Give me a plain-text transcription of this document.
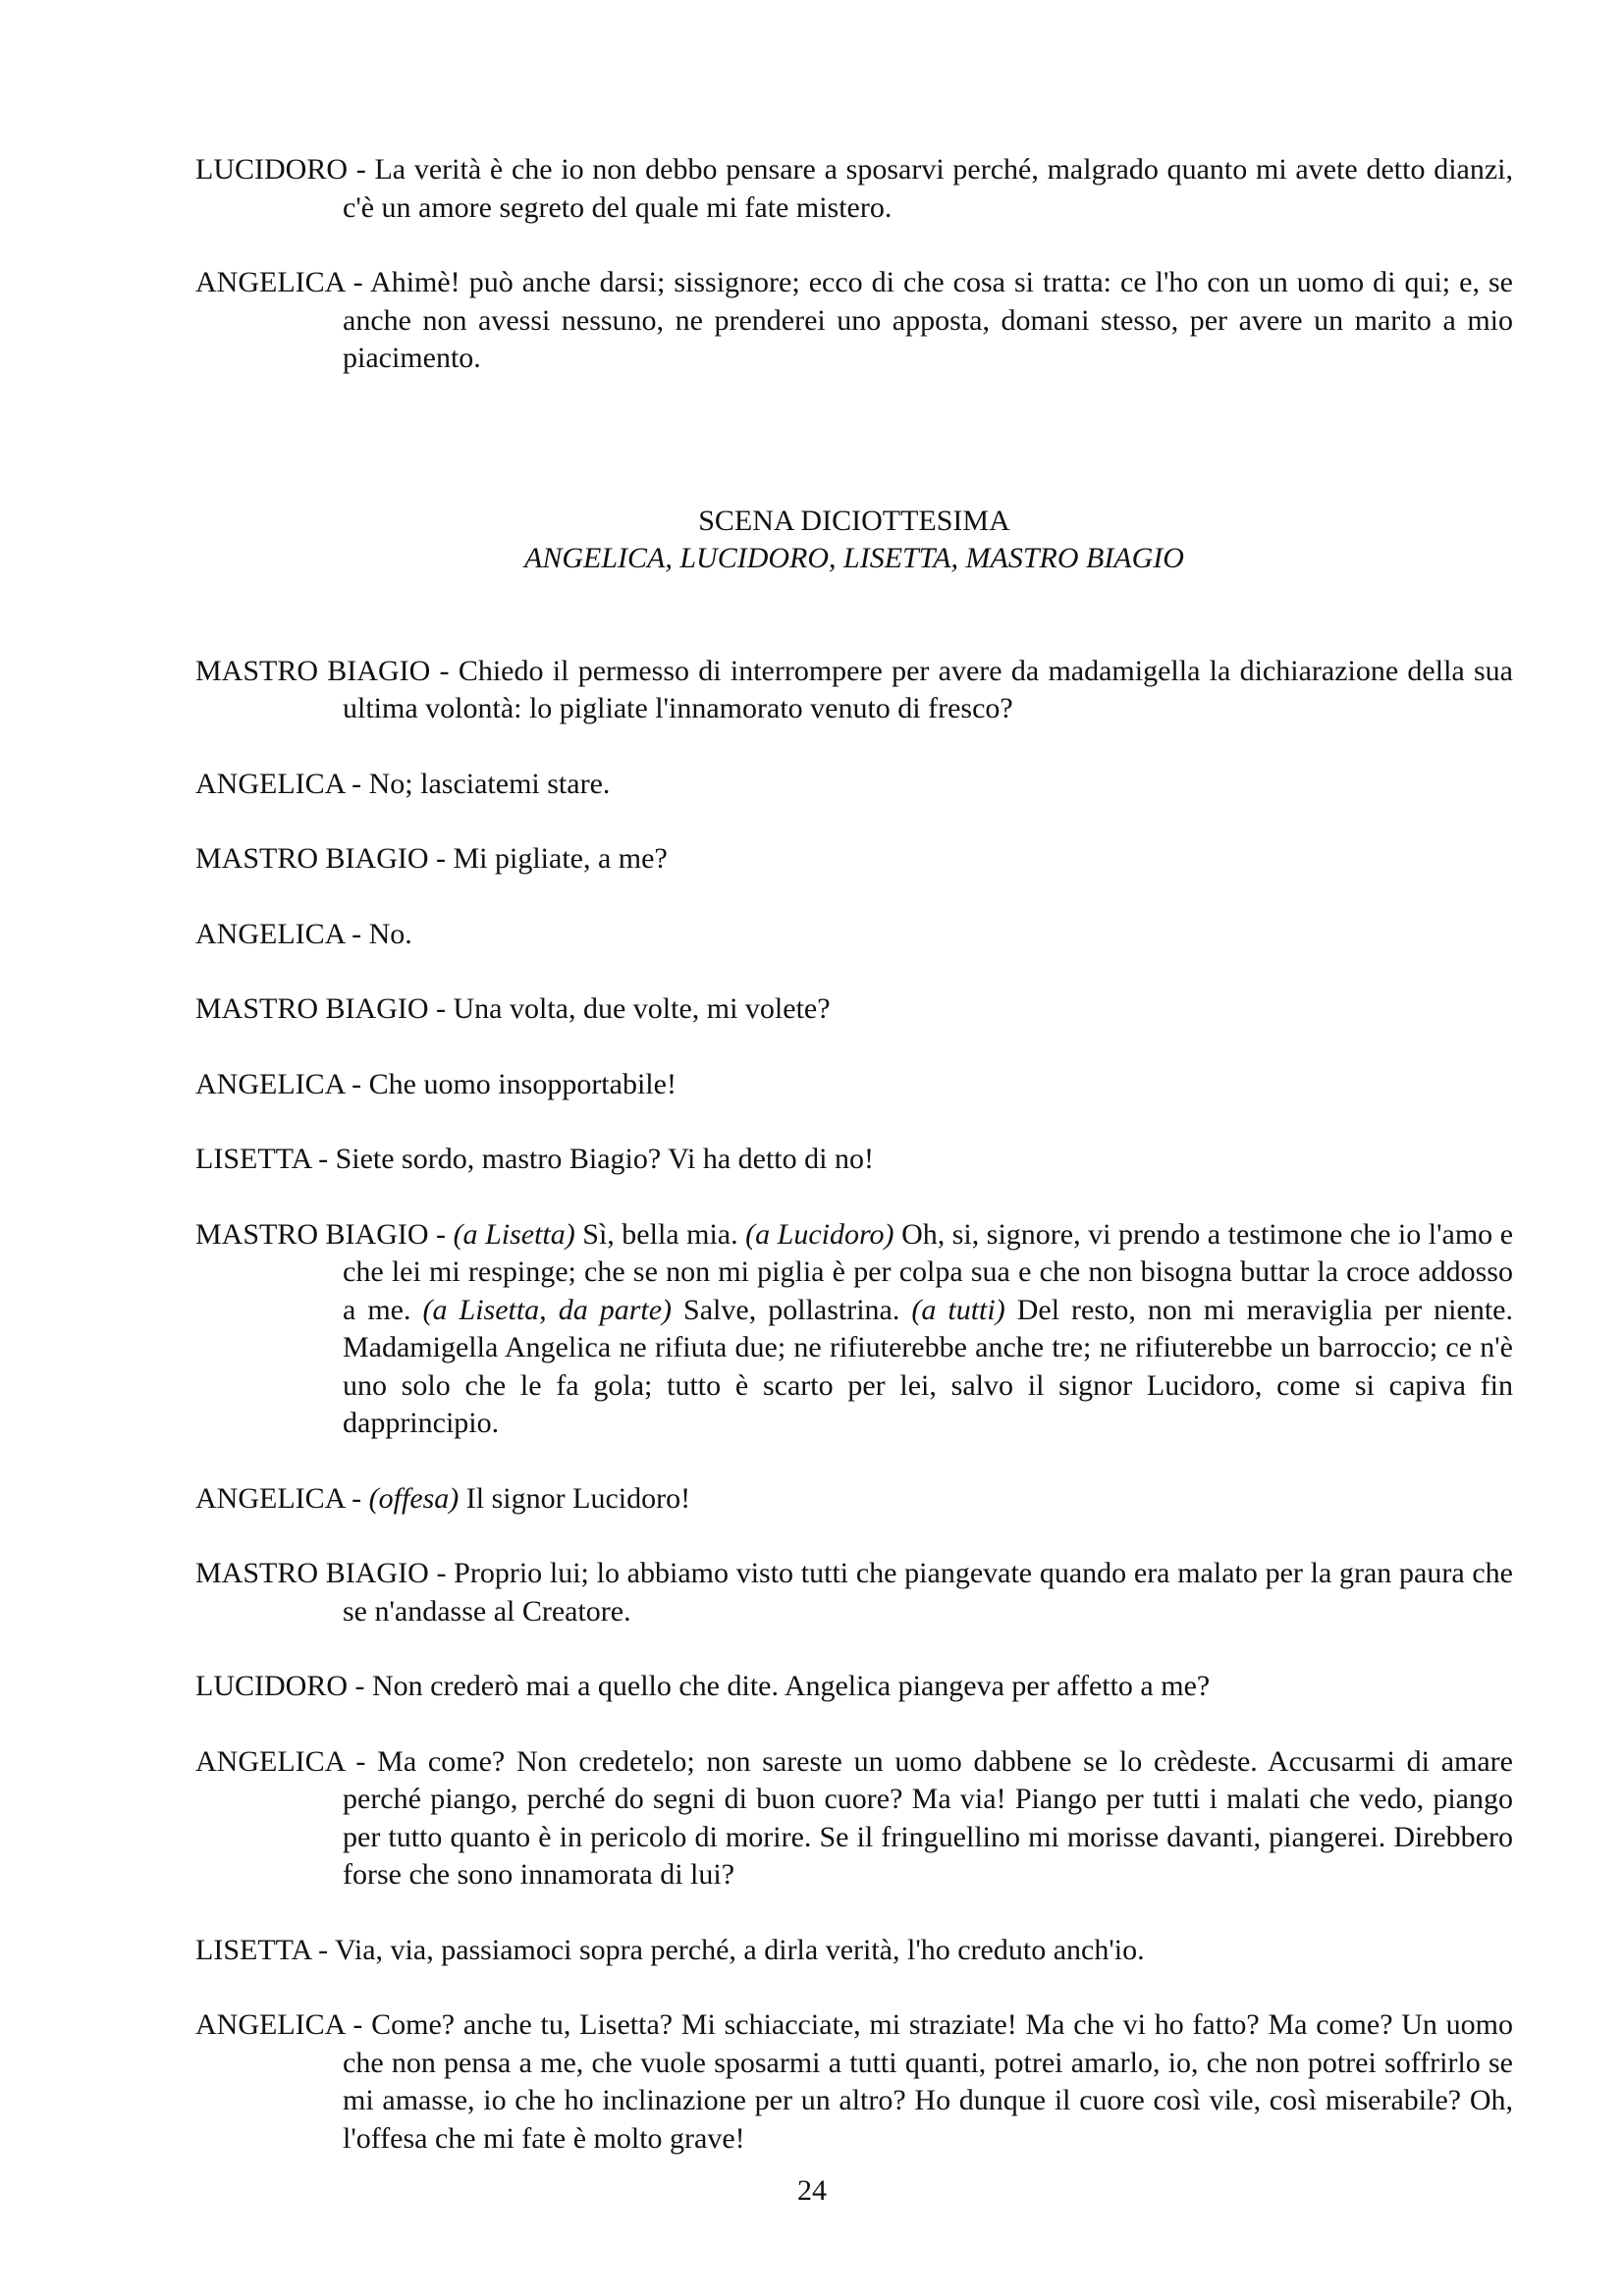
LUCIDORO - La verità è che io non debbo pensare a sposarvi perché, malgrado quanto mi avete detto dianzi, c'è un amore segreto del quale mi fate mistero.

ANGELICA - Ahimè! può anche darsi; sissignore; ecco di che cosa si tratta: ce l'ho con un uomo di qui; e, se anche non avessi nessuno, ne prenderei uno apposta, domani stesso, per avere un marito a mio piacimento.

SCENA DICIOTTESIMA

ANGELICA, LUCIDORO, LISETTA, MASTRO BIAGIO

MASTRO BIAGIO - Chiedo il permesso di interrompere per avere da madamigella la dichiarazione della sua ultima volontà: lo pigliate l'innamorato venuto di fresco?

ANGELICA - No; lasciatemi stare.

MASTRO BIAGIO - Mi pigliate, a me?

ANGELICA - No.

MASTRO BIAGIO - Una volta, due volte, mi volete?

ANGELICA - Che uomo insopportabile!

LISETTA - Siete sordo, mastro Biagio? Vi ha detto di no!

MASTRO BIAGIO - (a Lisetta) Sì, bella mia. (a Lucidoro) Oh, si, signore, vi prendo a testimone che io l'amo e che lei mi respinge; che se non mi piglia è per colpa sua e che non bisogna buttar la croce addosso a me. (a Lisetta, da parte) Salve, pollastrina. (a tutti) Del resto, non mi meraviglia per niente. Madamigella Angelica ne rifiuta due; ne rifiuterebbe anche tre; ne rifiuterebbe un barroccio; ce n'è uno solo che le fa gola; tutto è scarto per lei, salvo il signor Lucidoro, come si capiva fin dapprincipio.

ANGELICA - (offesa) Il signor Lucidoro!

MASTRO BIAGIO - Proprio lui; lo abbiamo visto tutti che piangevate quando era malato per la gran paura che se n'andasse al Creatore.

LUCIDORO - Non crederò mai a quello che dite. Angelica piangeva per affetto a me?

ANGELICA - Ma come? Non credetelo; non sareste un uomo dabbene se lo crèdeste. Accusarmi di amare perché piango, perché do segni di buon cuore? Ma via! Piango per tutti i malati che vedo, piango per tutto quanto è in pericolo di morire. Se il fringuellino mi morisse davanti, piangerei. Direbbero forse che sono innamorata di lui?

LISETTA - Via, via, passiamoci sopra perché, a dirla verità, l'ho creduto anch'io.

ANGELICA - Come? anche tu, Lisetta? Mi schiacciate, mi straziate! Ma che vi ho fatto? Ma come? Un uomo che non pensa a me, che vuole sposarmi a tutti quanti, potrei amarlo, io, che non potrei soffrirlo se mi amasse, io che ho inclinazione per un altro? Ho dunque il cuore così vile, così miserabile? Oh, l'offesa che mi fate è molto grave!

24
